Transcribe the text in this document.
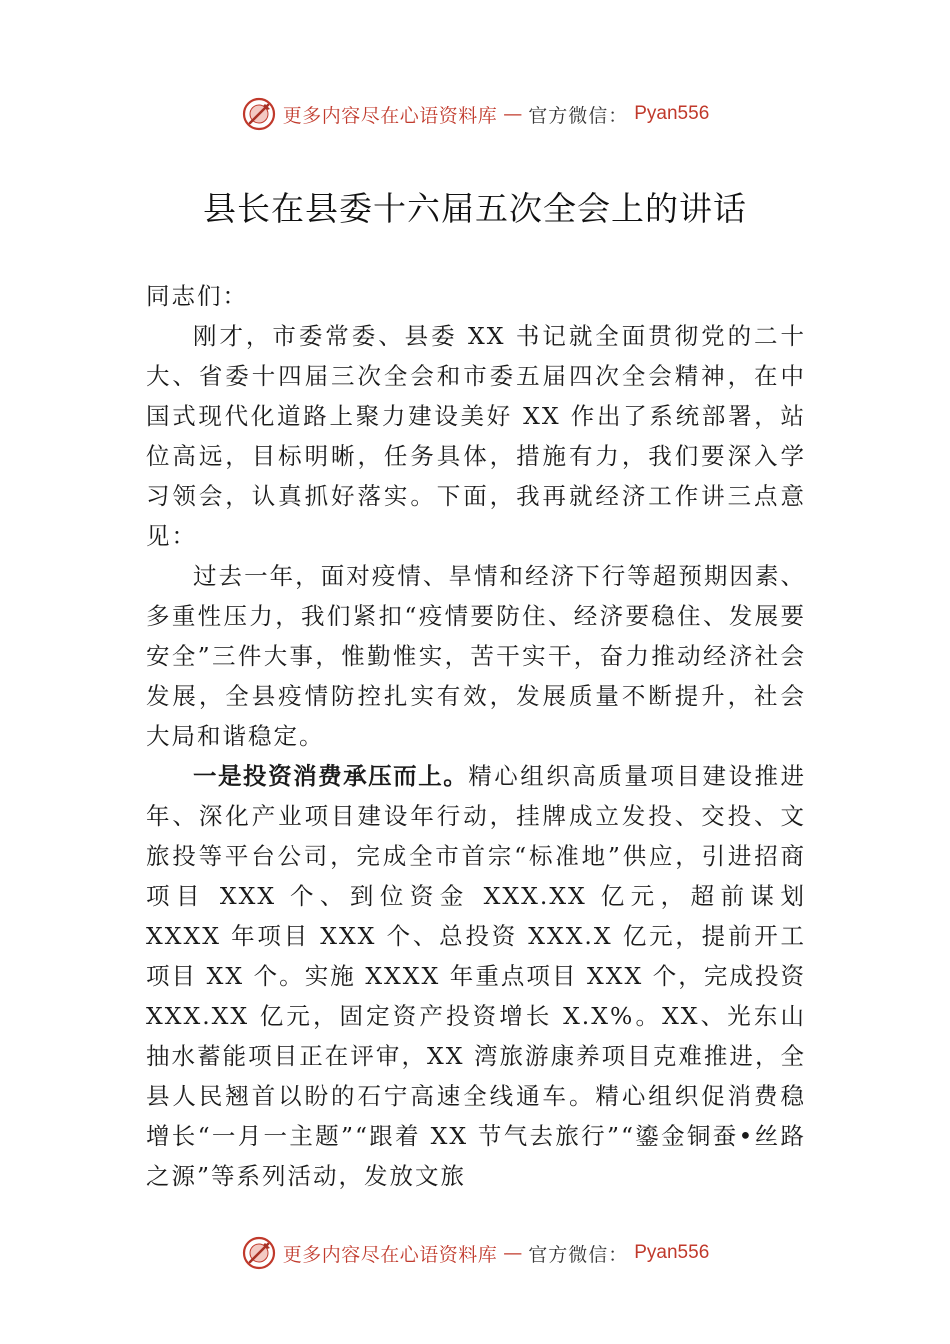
更多内容尽在心语资料库 — 官方微信： Pyan556
县长在县委十六届五次全会上的讲话

同志们：

刚才，市委常委、县委 XX 书记就全面贯彻党的二十大、省委十四届三次全会和市委五届四次全会精神，在中国式现代化道路上聚力建设美好 XX 作出了系统部署，站位高远，目标明晰，任务具体，措施有力，我们要深入学习领会，认真抓好落实。下面，我再就经济工作讲三点意见：

过去一年，面对疫情、旱情和经济下行等超预期因素、多重性压力，我们紧扣“疫情要防住、经济要稳住、发展要安全”三件大事，惟勤惟实，苦干实干，奋力推动经济社会发展，全县疫情防控扎实有效，发展质量不断提升，社会大局和谐稳定。

一是投资消费承压而上。精心组织高质量项目建设推进年、深化产业项目建设年行动，挂牌成立发投、交投、文旅投等平台公司，完成全市首宗“标准地”供应，引进招商项目 XXX 个、到位资金 XXX.XX 亿元，超前谋划 XXXX 年项目 XXX 个、总投资 XXX.X 亿元，提前开工项目 XX 个。实施 XXXX 年重点项目 XXX 个，完成投资 XXX.XX 亿元，固定资产投资增长 X.X%。XX、光东山抽水蓄能项目正在评审，XX 湾旅游康养项目克难推进，全县人民翘首以盼的石宁高速全线通车。精心组织促消费稳增长“一月一主题”“跟着 XX 节气去旅行”“鎏金铜蚕•丝路之源”等系列活动，发放文旅

更多内容尽在心语资料库 — 官方微信： Pyan556
